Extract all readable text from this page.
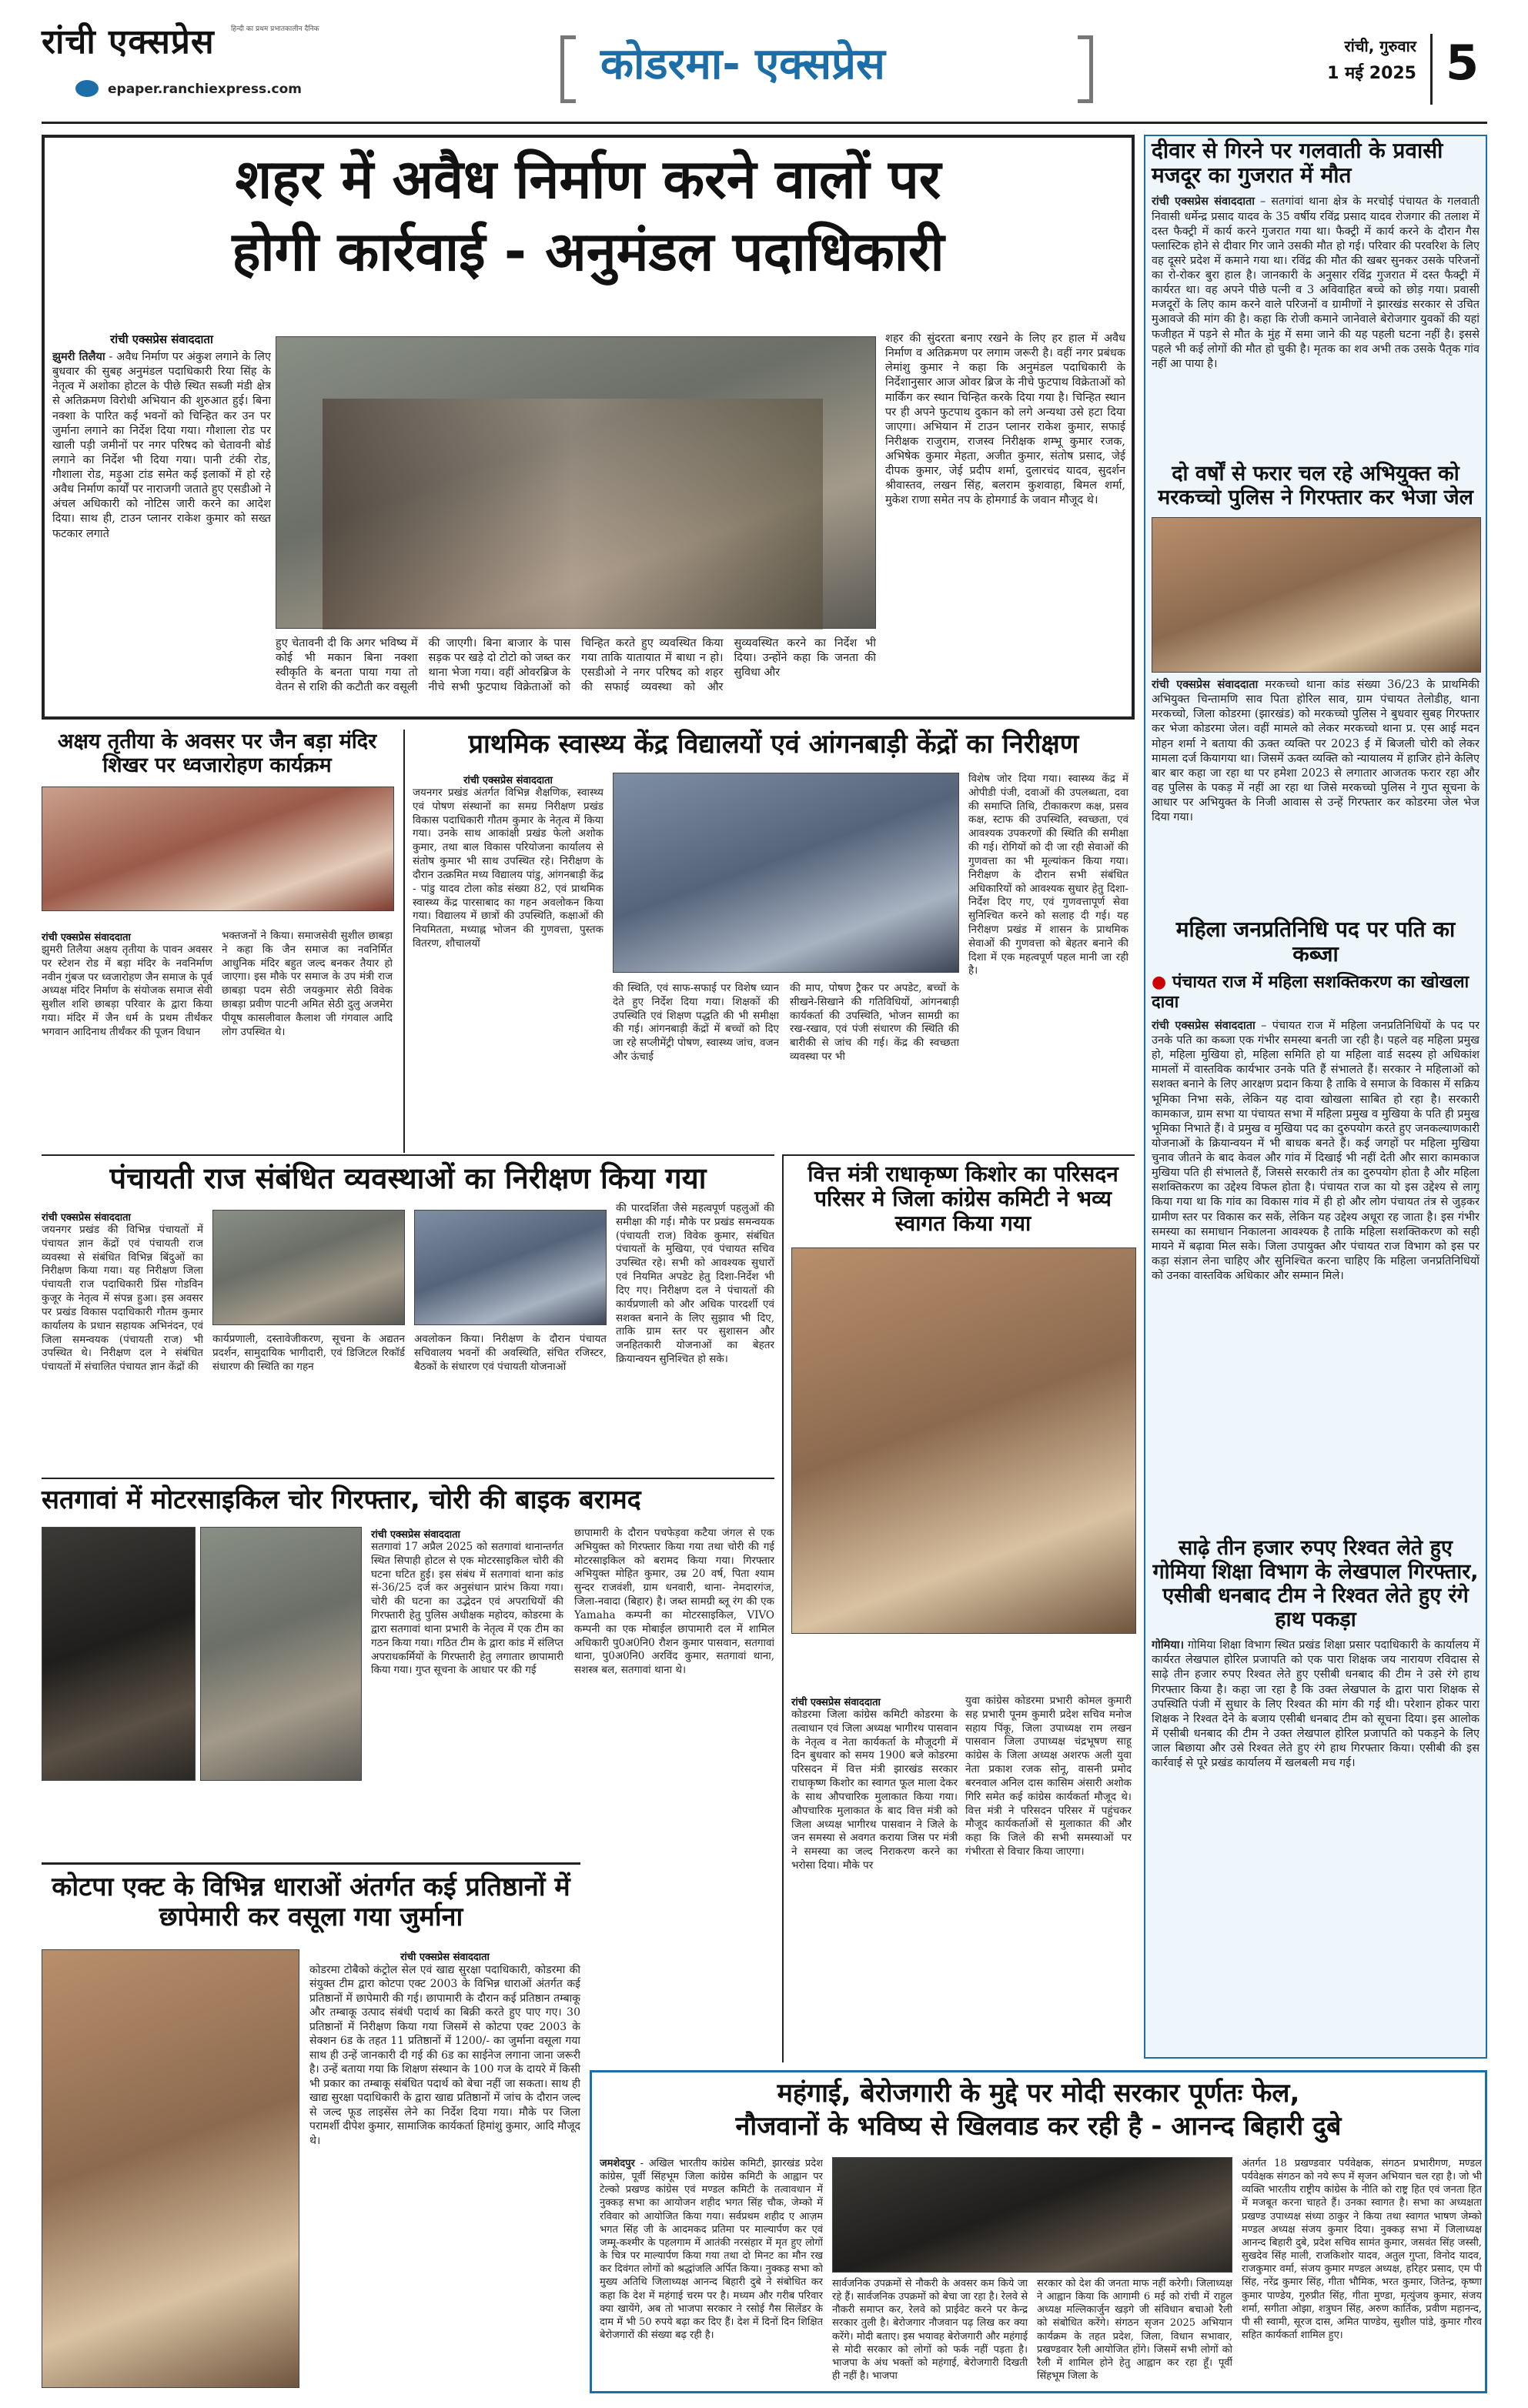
रांची एक्सप्रेस हिन्दी का प्रथम प्रभातकालीन दैनिक
epaper.ranchiexpress.com	कोडरमा- एक्सप्रेस	रांची, गुरुवार
1 मई 2025 5
शहर में अवैध निर्माण करने वालों पर
होगी कार्रवाई - अनुमंडल पदाधिकारी
रांची एक्सप्रेस संवाददाता
झुमरी तिलैया - अवैध निर्माण पर अंकुश लगाने के लिए बुधवार की सुबह अनुमंडल पदाधिकारी रिया सिंह के नेतृत्व में अशोका होटल के पीछे स्थित सब्जी मंडी क्षेत्र से अतिक्रमण विरोधी अभियान की शुरुआत हुई। बिना नक्शा के पारित कई भवनों को चिन्हित कर उन पर जुर्माना लगाने का निर्देश दिया गया। गौशाला रोड पर खाली पड़ी जमीनों पर नगर परिषद को चेतावनी बोर्ड लगाने का निर्देश भी दिया गया। पानी टंकी रोड, गौशाला रोड, मड़ुआ टांड समेत कई इलाकों में हो रहे अवैध निर्माण कार्यों पर नाराजगी जताते हुए एसडीओ ने अंचल अधिकारी को नोटिस जारी करने का आदेश दिया। साथ ही, टाउन प्लानर राकेश कुमार को सख्त फटकार लगाते
हुए चेतावनी दी कि अगर भविष्य में कोई भी मकान बिना नक्शा स्वीकृति के बनता पाया गया तो वेतन से राशि की कटौती कर वसूली की जाएगी। बिना बाजार के पास सड़क पर खड़े दो टोटो को जब्त कर थाना भेजा गया। वहीं ओवरब्रिज के नीचे सभी फुटपाथ विक्रेताओं को चिन्हित करते हुए व्यवस्थित किया गया ताकि यातायात में बाधा न हो। एसडीओ ने नगर परिषद को शहर की सफाई व्यवस्था को और सुव्यवस्थित करने का निर्देश भी दिया। उन्होंने कहा कि जनता की सुविधा और
शहर की सुंदरता बनाए रखने के लिए हर हाल में अवैध निर्माण व अतिक्रमण पर लगाम जरूरी है। वहीं नगर प्रबंधक लेमांशु कुमार ने कहा कि अनुमंडल पदाधिकारी के निर्देशानुसार आज ओवर ब्रिज के नीचे फुटपाथ विक्रेताओं को मार्किंग कर स्थान चिन्हित करके दिया गया है। चिन्हित स्थान पर ही अपने फुटपाथ दुकान को लगे अन्यथा उसे हटा दिया जाएगा। अभियान में टाउन प्लानर राकेश कुमार, सफाई निरीक्षक राजुराम, राजस्व निरीक्षक शम्भू कुमार रजक, अभिषेक कुमार मेहता, अजीत कुमार, संतोष प्रसाद, जेई दीपक कुमार, जेई प्रदीप शर्मा, दुलारचंद यादव, सुदर्शन श्रीवास्तव, लखन सिंह, बलराम कुशवाहा, बिमल शर्मा, मुकेश राणा समेत नप के होमगार्ड के जवान मौजूद थे।
दीवार से गिरने पर गलवाती के प्रवासी मजदूर का गुजरात में मौत
रांची एक्सप्रेस संवाददाता – सतगांवां थाना क्षेत्र के मरचोई पंचायत के गलवाती निवासी धर्मेन्द्र प्रसाद यादव के 35 वर्षीय रविंद्र प्रसाद यादव रोजगार की तलाश में दस्त फैक्ट्री में कार्य करने गुजरात गया था। फैक्ट्री में कार्य करने के दौरान गैस फ्लास्टिक होने से दीवार गिर जाने उसकी मौत हो गई। परिवार की परवरिश के लिए वह दूसरे प्रदेश में कमाने गया था। रविंद्र की मौत की खबर सुनकर उसके परिजनों का रो-रोकर बुरा हाल है। जानकारी के अनुसार रविंद्र गुजरात में दस्त फैक्ट्री में कार्यरत था। वह अपने पीछे पत्नी व 3 अविवाहित बच्चे को छोड़ गया। प्रवासी मजदूरों के लिए काम करने वाले परिजनों व ग्रामीणों ने झारखंड सरकार से उचित मुआवजे की मांग की है। कहा कि रोजी कमाने जानेवाले बेरोजगार युवकों की यहां फजीहत में पड़ने से मौत के मुंह में समा जाने की यह पहली घटना नहीं है। इससे पहले भी कई लोगों की मौत हो चुकी है। मृतक का शव अभी तक उसके पैतृक गांव नहीं आ पाया है।
दो वर्षों से फरार चल रहे अभियुक्त को मरकच्चो पुलिस ने गिरफ्तार कर भेजा जेल
रांची एक्सप्रेस संवाददाता मरकच्चो थाना कांड संख्या 36/23 के प्राथमिकी अभियुक्त चिन्तामणि साव पिता होरिल साव, ग्राम पंचायत तेलोडीह, थाना मरकच्चो, जिला कोडरमा (झारखंड) को मरकच्चो पुलिस ने बुधवार सुबह गिरफ्तार कर भेजा कोडरमा जेल। वहीं मामले को लेकर मरकच्चो थाना प्र. एस आई मदन मोहन शर्मा ने बताया की ऊक्त व्यक्ति पर 2023 ई में बिजली चोरी को लेकर मामला दर्ज कियागया था। जिसमें ऊक्त व्यक्ति को न्यायालय में हाजिर होने केलिए बार बार कहा जा रहा था पर हमेशा 2023 से लगातार आजतक फरार रहा और वह पुलिस के पकड़ में नहीं आ रहा था जिसे मरकच्चो पुलिस ने गुप्त सूचना के आधार पर अभियुक्त के निजी आवास से उन्हें गिरफ्तार कर कोडरमा जेल भेज दिया गया।
महिला जनप्रतिनिधि पद पर पति का कब्जा
● पंचायत राज में महिला सशक्तिकरण का खोखला दावा
रांची एक्सप्रेस संवाददाता – पंचायत राज में महिला जनप्रतिनिधियों के पद पर उनके पति का कब्जा एक गंभीर समस्या बनती जा रही है। पहले वह महिला प्रमुख हो, महिला मुखिया हो, महिला समिति हो या महिला वार्ड सदस्य हो अधिकांश मामलों में वास्तविक कार्यभार उनके पति हैं संभालते हैं। सरकार ने महिलाओं को सशक्त बनाने के लिए आरक्षण प्रदान किया है ताकि वे समाज के विकास में सक्रिय भूमिका निभा सके, लेकिन यह दावा खोखला साबित हो रहा है। सरकारी कामकाज, ग्राम सभा या पंचायत सभा में महिला प्रमुख व मुखिया के पति ही प्रमुख भूमिका निभाते हैं। वे प्रमुख व मुखिया पद का दुरुपयोग करते हुए जनकल्याणकारी योजनाओं के क्रियान्वयन में भी बाधक बनते हैं। कई जगहों पर महिला मुखिया चुनाव जीतने के बाद केवल और गांव में दिखाई भी नहीं देती और सारा कामकाज मुखिया पति ही संभालते हैं, जिससे सरकारी तंत्र का दुरुपयोग होता है और महिला सशक्तिकरण का उद्देश्य विफल होता है। पंचायत राज का यो इस उद्देश्य से लागू किया गया था कि गांव का विकास गांव में ही हो और लोग पंचायत तंत्र से जुड़कर ग्रामीण स्तर पर विकास कर सकें, लेकिन यह उद्देश्य अधूरा रह जाता है। इस गंभीर समस्या का समाधान निकालना आवश्यक है ताकि महिला सशक्तिकरण को सही मायने में बढ़ावा मिल सके। जिला उपायुक्त और पंचायत राज विभाग को इस पर कड़ा संज्ञान लेना चाहिए और सुनिश्चित करना चाहिए कि महिला जनप्रतिनिधियों को उनका वास्तविक अधिकार और सम्मान मिले।
साढ़े तीन हजार रुपए रिश्वत लेते हुए गोमिया शिक्षा विभाग के लेखपाल गिरफ्तार, एसीबी धनबाद टीम ने रिश्वत लेते हुए रंगे हाथ पकड़ा
गोमिया। गोमिया शिक्षा विभाग स्थित प्रखंड शिक्षा प्रसार पदाधिकारी के कार्यालय में कार्यरत लेखपाल होरिल प्रजापति को एक पारा शिक्षक जय नारायण रविदास से साढ़े तीन हजार रुपए रिश्वत लेते हुए एसीबी धनबाद की टीम ने उसे रंगे हाथ गिरफ्तार किया है। कहा जा रहा है कि उक्त लेखपाल के द्वारा पारा शिक्षक से उपस्थिति पंजी में सुधार के लिए रिश्वत की मांग की गई थी। परेशान होकर पारा शिक्षक ने रिश्वत देने के बजाय एसीबी धनबाद टीम को सूचना दिया। इस आलोक में एसीबी धनबाद की टीम ने उक्त लेखपाल होरिल प्रजापति को पकड़ने के लिए जाल बिछाया और उसे रिश्वत लेते हुए रंगे हाथ गिरफ्तार किया। एसीबी की इस कार्रवाई से पूरे प्रखंड कार्यालय में खलबली मच गई।
अक्षय तृतीया के अवसर पर जैन बड़ा मंदिर शिखर पर ध्वजारोहण कार्यक्रम
रांची एक्सप्रेस संवाददाता
झुमरी तिलैया अक्षय तृतीया के पावन अवसर पर स्टेशन रोड में बड़ा मंदिर के नवनिर्माण नवीन गुंबज पर ध्वजारोहण जैन समाज के पूर्व अध्यक्ष मंदिर निर्माण के संयोजक समाज सेवी सुशील शशि छाबड़ा परिवार के द्वारा किया गया। मंदिर में जैन धर्म के प्रथम तीर्थंकर भगवान आदिनाथ तीर्थंकर की पूजन विधान
भक्तजनों ने किया। समाजसेवी सुशील छाबड़ा ने कहा कि जैन समाज का नवनिर्मित आधुनिक मंदिर बहुत जल्द बनकर तैयार हो जाएगा। इस मौके पर समाज के उप मंत्री राज छाबड़ा पदम सेठी जयकुमार सेठी विवेक छाबड़ा प्रवीण पाटनी अमित सेठी दुलु अजमेरा पीयूष कासलीवाल कैलाश जी गंगवाल आदि लोग उपस्थित थे।
प्राथमिक स्वास्थ्य केंद्र विद्यालयों एवं आंगनबाड़ी केंद्रों का निरीक्षण
रांची एक्सप्रेस संवाददाता
जयनगर प्रखंड अंतर्गत विभिन्न शैक्षणिक, स्वास्थ्य एवं पोषण संस्थानों का समग्र निरीक्षण प्रखंड विकास पदाधिकारी गौतम कुमार के नेतृत्व में किया गया। उनके साथ आकांक्षी प्रखंड फेलो अशोक कुमार, तथा बाल विकास परियोजना कार्यालय से संतोष कुमार भी साथ उपस्थित रहे। निरीक्षण के दौरान उत्क्रमित मध्य विद्यालय पांडु, आंगनबाड़ी केंद्र - पांडु यादव टोला कोड संख्या 82, एवं प्राथमिक स्वास्थ्य केंद्र पारसाबाद का गहन अवलोकन किया गया। विद्यालय में छात्रों की उपस्थिति, कक्षाओं की नियमितता, मध्याह्न भोजन की गुणवत्ता, पुस्तक वितरण, शौचालयों
की स्थिति, एवं साफ-सफाई पर विशेष ध्यान देते हुए निर्देश दिया गया। शिक्षकों की उपस्थिति एवं शिक्षण पद्धति की भी समीक्षा की गई। आंगनबाड़ी केंद्रों में बच्चों को दिए जा रहे सप्लीमेंट्री पोषण, स्वास्थ्य जांच, वजन और ऊंचाई
की माप, पोषण ट्रैकर पर अपडेट, बच्चों के सीखने-सिखाने की गतिविधियों, आंगनबाड़ी कार्यकर्ता की उपस्थिति, भोजन सामग्री का रख-रखाव, एवं पंजी संधारण की स्थिति की बारीकी से जांच की गई। केंद्र की स्वच्छता व्यवस्था पर भी
विशेष जोर दिया गया। स्वास्थ्य केंद्र में ओपीडी पंजी, दवाओं की उपलब्धता, दवा की समाप्ति तिथि, टीकाकरण कक्ष, प्रसव कक्ष, स्टाफ की उपस्थिति, स्वच्छता, एवं आवश्यक उपकरणों की स्थिति की समीक्षा की गई। रोगियों को दी जा रही सेवाओं की गुणवत्ता का भी मूल्यांकन किया गया। निरीक्षण के दौरान सभी संबंधित अधिकारियों को आवश्यक सुधार हेतु दिशा-निर्देश दिए गए, एवं गुणवत्तापूर्ण सेवा सुनिश्चित करने को सलाह दी गई। यह निरीक्षण प्रखंड में शासन के प्राथमिक सेवाओं की गुणवत्ता को बेहतर बनाने की दिशा में एक महत्वपूर्ण पहल मानी जा रही है।
पंचायती राज संबंधित व्यवस्थाओं का निरीक्षण किया गया
रांची एक्सप्रेस संवाददाता
जयनगर प्रखंड की विभिन्न पंचायतों में पंचायत ज्ञान केंद्रों एवं पंचायती राज व्यवस्था से संबंधित विभिन्न बिंदुओं का निरीक्षण किया गया। यह निरीक्षण जिला पंचायती राज पदाधिकारी प्रिंस गोडविन कुजूर के नेतृत्व में संपन्न हुआ। इस अवसर पर प्रखंड विकास पदाधिकारी गौतम कुमार कार्यालय के प्रधान सहायक अभिनंदन, एवं जिला समन्वयक (पंचायती राज) भी उपस्थित थे। निरीक्षण दल ने संबंधित पंचायतों में संचालित पंचायत ज्ञान केंद्रों की
कार्यप्रणाली, दस्तावेजीकरण, सूचना के अद्यतन प्रदर्शन, सामुदायिक भागीदारी, एवं डिजिटल रिकॉर्ड संधारण की स्थिति का गहन
अवलोकन किया। निरीक्षण के दौरान पंचायत सचिवालय भवनों की अवस्थिति, संचित रजिस्टर, बैठकों के संधारण एवं पंचायती योजनाओं
की पारदर्शिता जैसे महत्वपूर्ण पहलुओं की समीक्षा की गई। मौके पर प्रखंड समन्वयक (पंचायती राज) विवेक कुमार, संबंधित पंचायतों के मुखिया, एवं पंचायत सचिव उपस्थित रहे। सभी को आवश्यक सुधारों एवं नियमित अपडेट हेतु दिशा-निर्देश भी दिए गए। निरीक्षण दल ने पंचायतों की कार्यप्रणाली को और अधिक पारदर्शी एवं सशक्त बनाने के लिए सुझाव भी दिए, ताकि ग्राम स्तर पर सुशासन और जनहितकारी योजनाओं का बेहतर क्रियान्वयन सुनिश्चित हो सके।
वित्त मंत्री राधाकृष्ण किशोर का परिसदन परिसर मे जिला कांग्रेस कमिटी ने भव्य स्वागत किया गया
रांची एक्सप्रेस संवाददाता
कोडरमा जिला कांग्रेस कमिटी कोडरमा के तत्वाधान एवं जिला अध्यक्ष भागीरथ पासवान के नेतृत्व व नेता कार्यकर्ता के मौजूदगी में दिन बुधवार को समय 1900 बजे कोडरमा परिसदन में वित्त मंत्री झारखंड सरकार राधाकृष्ण किशोर का स्वागत फूल माला देकर के साथ औपचारिक मुलाकात किया गया। औपचारिक मुलाकात के बाद वित्त मंत्री को जिला अध्यक्ष भागीरथ पासवान ने जिले के जन समस्या से अवगत कराया जिस पर मंत्री ने समस्या का जल्द निराकरण करने का भरोसा दिया। मौके पर
युवा कांग्रेस कोडरमा प्रभारी कोमल कुमारी सह प्रभारी पूनम कुमारी प्रदेश सचिव मनोज सहाय पिंकू, जिला उपाध्यक्ष राम लखन पासवान जिला उपाध्यक्ष चंद्रभूषण साहू कांग्रेस के जिला अध्यक्ष अशरफ अली युवा नेता प्रकाश रजक सोनू, वासनी प्रमोद बरनवाल अनिल दास कासिम अंसारी अशोक गिरि समेत कई कांग्रेस कार्यकर्ता मौजूद थे। वित्त मंत्री ने परिसदन परिसर में पहुंचकर मौजूद कार्यकर्ताओं से मुलाकात की और कहा कि जिले की सभी समस्याओं पर गंभीरता से विचार किया जाएगा।
सतगावां में मोटरसाइकिल चोर गिरफ्तार, चोरी की बाइक बरामद
रांची एक्सप्रेस संवाददाता
सतगावां 17 अप्रैल 2025 को सतगावां थानान्तर्गत स्थित सिपाही होटल से एक मोटरसाइकिल चोरी की घटना घटित हुई। इस संबंध में सतगावां थाना कांड सं-36/25 दर्ज कर अनुसंधान प्रारंभ किया गया। चोरी की घटना का उद्भेदन एवं अपराधियों की गिरफ्तारी हेतु पुलिस अधीक्षक महोदय, कोडरमा के द्वारा सतगावां थाना प्रभारी के नेतृत्व में एक टीम का गठन किया गया। गठित टीम के द्वारा कांड में संलिप्त अपराधकर्मियों के गिरफ्तारी हेतु लगातार छापामारी किया गया। गुप्त सूचना के आधार पर की गई
छापामारी के दौरान पचफेड़वा कटैया जंगल से एक अभियुक्त को गिरफ्तार किया गया तथा चोरी की गई मोटरसाइकिल को बरामद किया गया। गिरफ्तार अभियुक्त मोहित कुमार, उम्र 20 वर्ष, पिता श्याम सुन्दर राजवंशी, ग्राम धनवारी, थाना- नेमदारगंज, जिला-नवादा (बिहार) है। जब्त सामग्री ब्लू रंग की एक Yamaha कम्पनी का मोटरसाइकिल, VIVO कम्पनी का एक मोबाईल छापामारी दल में शामिल अधिकारी पु0अ0नि0 रौशन कुमार पासवान, सतगावां थाना, पु0अ0नि0 अरविंद कुमार, सतगावां थाना, सशस्त्र बल, सतगावां थाना थे।
कोटपा एक्ट के विभिन्न धाराओं अंतर्गत कई प्रतिष्ठानों में छापेमारी कर वसूला गया जुर्माना
रांची एक्सप्रेस संवाददाता
कोडरमा टोबैको कंट्रोल सेल एवं खाद्य सुरक्षा पदाधिकारी, कोडरमा की संयुक्त टीम द्वारा कोटपा एक्ट 2003 के विभिन्न धाराओं अंतर्गत कई प्रतिष्ठानों में छापेमारी की गई। छापामारी के दौरान कई प्रतिष्ठान तम्बाकू और तम्बाकू उत्पाद संबंधी पदार्थ का बिक्री करते हुए पाए गए। 30 प्रतिष्ठानों में निरीक्षण किया गया जिसमें से कोटपा एक्ट 2003 के सेक्शन 6ड के तहत 11 प्रतिष्ठानों में 1200/- का जुर्माना वसूला गया साथ ही उन्हें जानकारी दी गई की 6ड का साईनेज लगाना जाना जरूरी है। उन्हें बताया गया कि शिक्षण संस्थान के 100 गज के दायरे में किसी भी प्रकार का तम्बाकू संबंधित पदार्थ को बेचा नहीं जा सकता। साथ ही खाद्य सुरक्षा पदाधिकारी के द्वारा खाद्य प्रतिष्ठानों में जांच के दौरान जल्द से जल्द फूड लाइसेंस लेने का निर्देश दिया गया। मौके पर जिला परामर्शी दीपेश कुमार, सामाजिक कार्यकर्ता हिमांशु कुमार, आदि मौजूद थे।
महंगाई, बेरोजगारी के मुद्दे पर मोदी सरकार पूर्णतः फेल,
नौजवानों के भविष्य से खिलवाड कर रही है - आनन्द बिहारी दुबे
जमशेदपुर - अखिल भारतीय कांग्रेस कमिटी, झारखंड प्रदेश कांग्रेस, पूर्वी सिंहभूम जिला कांग्रेस कमिटी के आह्वान पर टेल्को प्रखण्ड कांग्रेस एवं मण्डल कमिटी के तत्वावधान में नुक्कड़ सभा का आयोजन शहीद भगत सिंह चौक, जेम्को में रविवार को आयोजित किया गया। सर्वप्रथम शहीद ए आज़म भगत सिंह जी के आदमकद प्रतिमा पर माल्यार्पण कर एवं जम्मू-कश्मीर के पहलगाम में आतंकी नरसंहार में मृत हुए लोगों के चित्र पर माल्यार्पण किया गया तथा दो मिनट का मौन रख कर दिवंगत लोगों को श्रद्धांजलि अर्पित किया। नुक्कड़ सभा को मुख्य अतिथि जिलाध्यक्ष आनन्द बिहारी दुबे ने संबोधित कर कहा कि देश में महंगाई चरम पर है। मध्यम और गरीब परिवार क्या खायेंगे, अब तो भाजपा सरकार ने रसोई गैस सिलेंडर के दाम में भी 50 रुपये बढ़ा कर दिए हैं। देश में दिनों दिन शिक्षित बेरोजगारों की संख्या बढ़ रही है।
सार्वजनिक उपक्रमों से नौकरी के अवसर कम किये जा रहे हैं। सार्वजनिक उपक्रमों को बेचा जा रहा है। रेलवे से नौकरी समाप्त कर, रेलवे को प्राईवेट करने पर केन्द्र सरकार तुली है। बेरोजगार नौजवान पढ़ लिख कर क्या करेंगे। मोदी बताए। इस भयावह बेरोजगारी और महंगाई से मोदी सरकार को लोगों को फर्क नहीं पड़ता है। भाजपा के अंध भक्तों को महंगाई, बेरोजगारी दिखती ही नहीं है। भाजपा
सरकार को देश की जनता माफ नहीं करेगी। जिलाध्यक्ष ने आह्वान किया कि आगामी 6 मई को रांची में राहुल अध्यक्ष मल्लिकार्जुन खड़गे जी संविधान बचाओ रैली को संबोधित करेंगे। संगठन सृजन 2025 अभियान कार्यक्रम के तहत प्रदेश, जिला, विधान सभावार, प्रखण्डवार रैली आयोजित होंगे। जिसमें सभी लोगों को रैली में शामिल होने हेतु आह्वान कर रहा हूँ। पूर्वी सिंहभूम जिला के
अंतर्गत 18 प्रखण्डवार पर्यवेक्षक, संगठन प्रभारीगण, मण्डल पर्यवेक्षक संगठन को नये रूप में सृजन अभियान चल रहा है। जो भी व्यक्ति भारतीय राष्ट्रीय कांग्रेस के नीति को राष्ट्र हित एवं जनता हित में मजबूत करना चाहते हैं। उनका स्वागत है। सभा का अध्यक्षता प्रखण्ड उपाध्यक्ष संध्या ठाकुर ने किया तथा स्वागत भाषण जेम्को मण्डल अध्यक्ष संजय कुमार दिया। नुक्कड़ सभा में जिलाध्यक्ष आनन्द बिहारी दुबे, प्रदेश सचिव सामंत कुमार, जसवंत सिंह जस्सी, सुखदेव सिंह माली, राजकिशोर यादव, अतुल गुप्ता, विनोद यादव, राजकुमार वर्मा, संजय कुमार मण्डल अध्यक्ष, हरिहर प्रसाद, एम पी सिंह, नरेंद्र कुमार सिंह, गीता भौमिक, भरत कुमार, जितेन्द्र, कृष्णा कुमार पाण्डेय, गुरुप्रीत सिंह, गीता मुण्डा, मृत्युंजय कुमार, संजय शर्मा, सगीता ओझा, शत्रुघन सिंह, अरुण कार्तिक, प्रवीण महानन्द, पी सी स्वामी, सूरज दास, अमित पाण्डेय, सुशील पांडे, कुमार गौरव सहित कार्यकर्ता शामिल हुए।
